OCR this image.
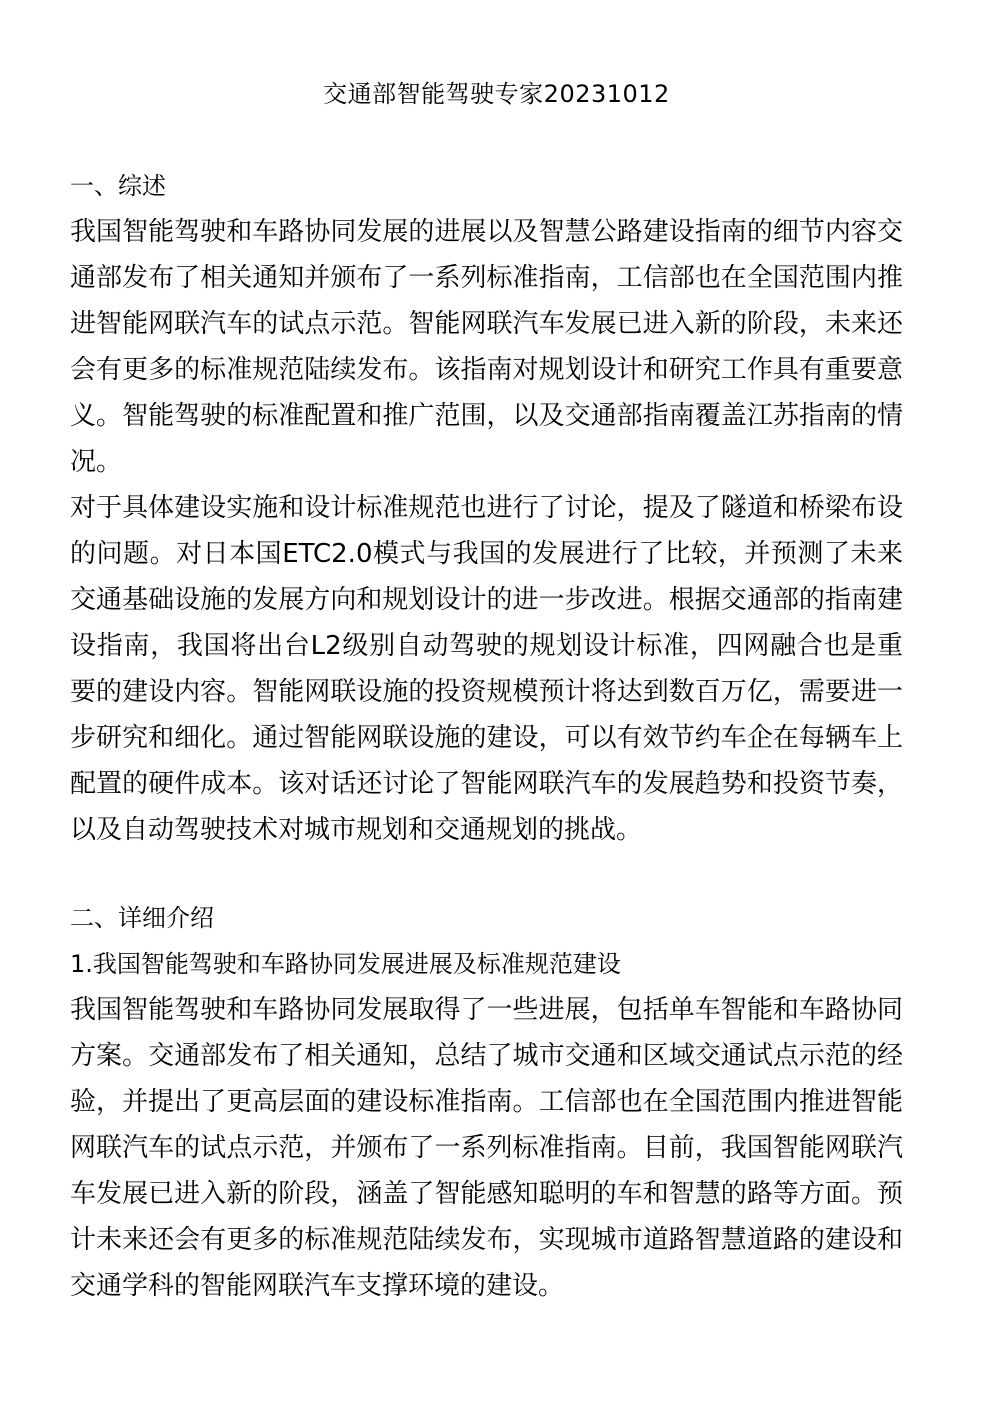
交通部智能驾驶专家20231012
一、综述
我国智能驾驶和车路协同发展的进展以及智慧公路建设指南的细节内容交通部发布了相关通知并颁布了一系列标准指南，工信部也在全国范围内推进智能网联汽车的试点示范。智能网联汽车发展已进入新的阶段，未来还会有更多的标准规范陆续发布。该指南对规划设计和研究工作具有重要意义。智能驾驶的标准配置和推广范围，以及交通部指南覆盖江苏指南的情况。
对于具体建设实施和设计标准规范也进行了讨论，提及了隧道和桥梁布设的问题。对日本国ETC2.0模式与我国的发展进行了比较，并预测了未来交通基础设施的发展方向和规划设计的进一步改进。根据交通部的指南建设指南，我国将出台L2级别自动驾驶的规划设计标准，四网融合也是重要的建设内容。智能网联设施的投资规模预计将达到数百万亿，需要进一步研究和细化。通过智能网联设施的建设，可以有效节约车企在每辆车上配置的硬件成本。该对话还讨论了智能网联汽车的发展趋势和投资节奏，以及自动驾驶技术对城市规划和交通规划的挑战。
二、详细介绍
1.我国智能驾驶和车路协同发展进展及标准规范建设
我国智能驾驶和车路协同发展取得了一些进展，包括单车智能和车路协同方案。交通部发布了相关通知，总结了城市交通和区域交通试点示范的经验，并提出了更高层面的建设标准指南。工信部也在全国范围内推进智能网联汽车的试点示范，并颁布了一系列标准指南。目前，我国智能网联汽车发展已进入新的阶段，涵盖了智能感知聪明的车和智慧的路等方面。预计未来还会有更多的标准规范陆续发布，实现城市道路智慧道路的建设和交通学科的智能网联汽车支撑环境的建设。
